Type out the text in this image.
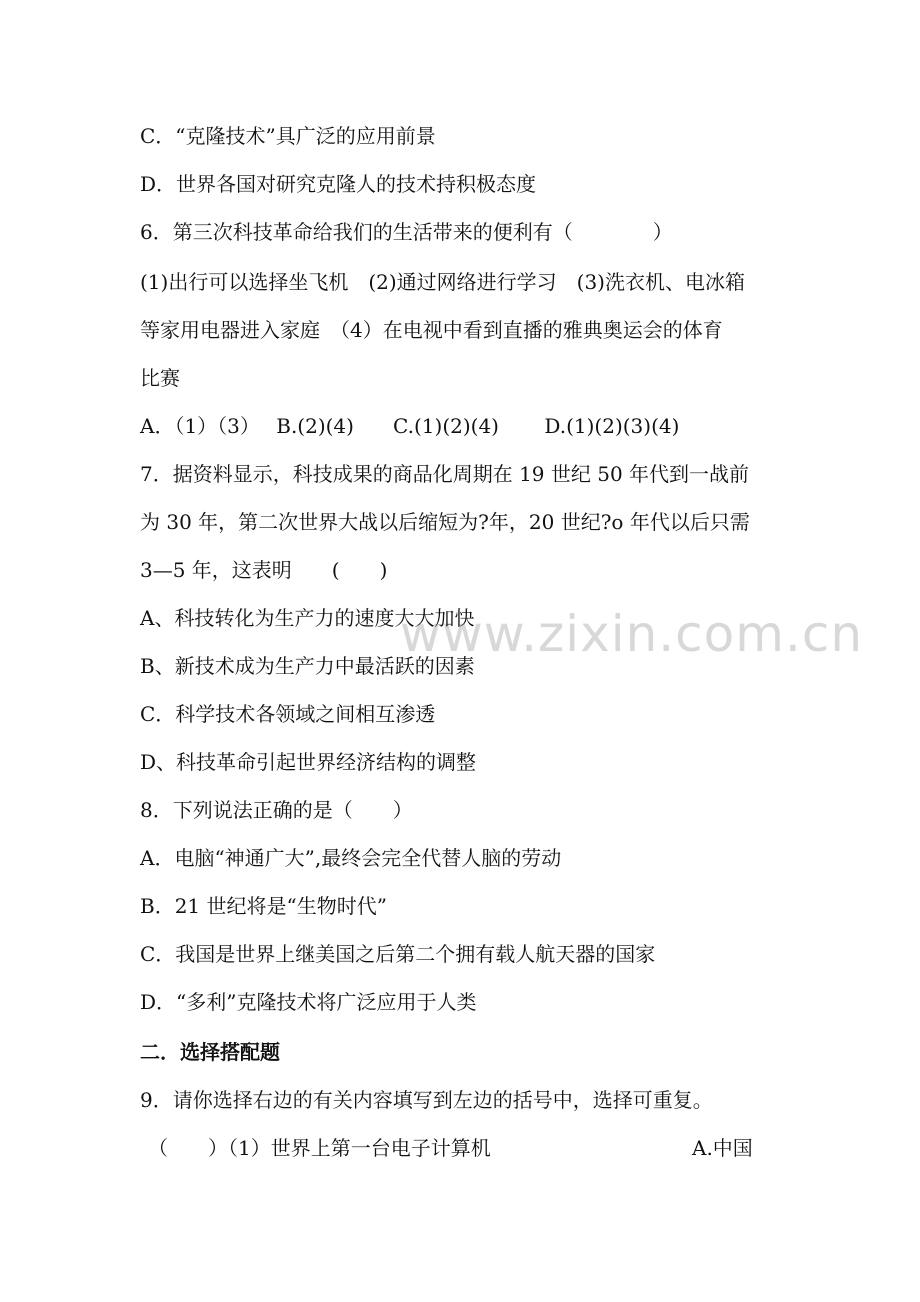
www.zixin.com.cn
C．“克隆技术”具广泛的应用前景
D．世界各国对研究克隆人的技术持积极态度
6．第三次科技革命给我们的生活带来的便利有（　　　　）
(1)出行可以选择坐飞机　(2)通过网络进行学习　(3)洗衣机、电冰箱
等家用电器进入家庭　（4）在电视中看到直播的雅典奥运会的体育
比赛
A．（1）（3）　 B.(2)(4)　   C.(1)(2)(4)　    D.(1)(2)(3)(4)
7．据资料显示，科技成果的商品化周期在 19 世纪 50 年代到一战前
为 30 年，第二次世界大战以后缩短为?年，20 世纪?o 年代以后只需
3—5 年，这表明　　(　　)
A、科技转化为生产力的速度大大加快
B、新技术成为生产力中最活跃的因素
C．科学技术各领域之间相互渗透
D、科技革命引起世界经济结构的调整
8．下列说法正确的是（　　）
A．电脑“神通广大”,最终会完全代替人脑的劳动
B．21 世纪将是“生物时代”
C．我国是世界上继美国之后第二个拥有载人航天器的国家
D．“多利”克隆技术将广泛应用于人类
二．选择搭配题
9．请你选择右边的有关内容填写到左边的括号中，选择可重复。
（　　）（1）世界上第一台电子计算机	A.中国
